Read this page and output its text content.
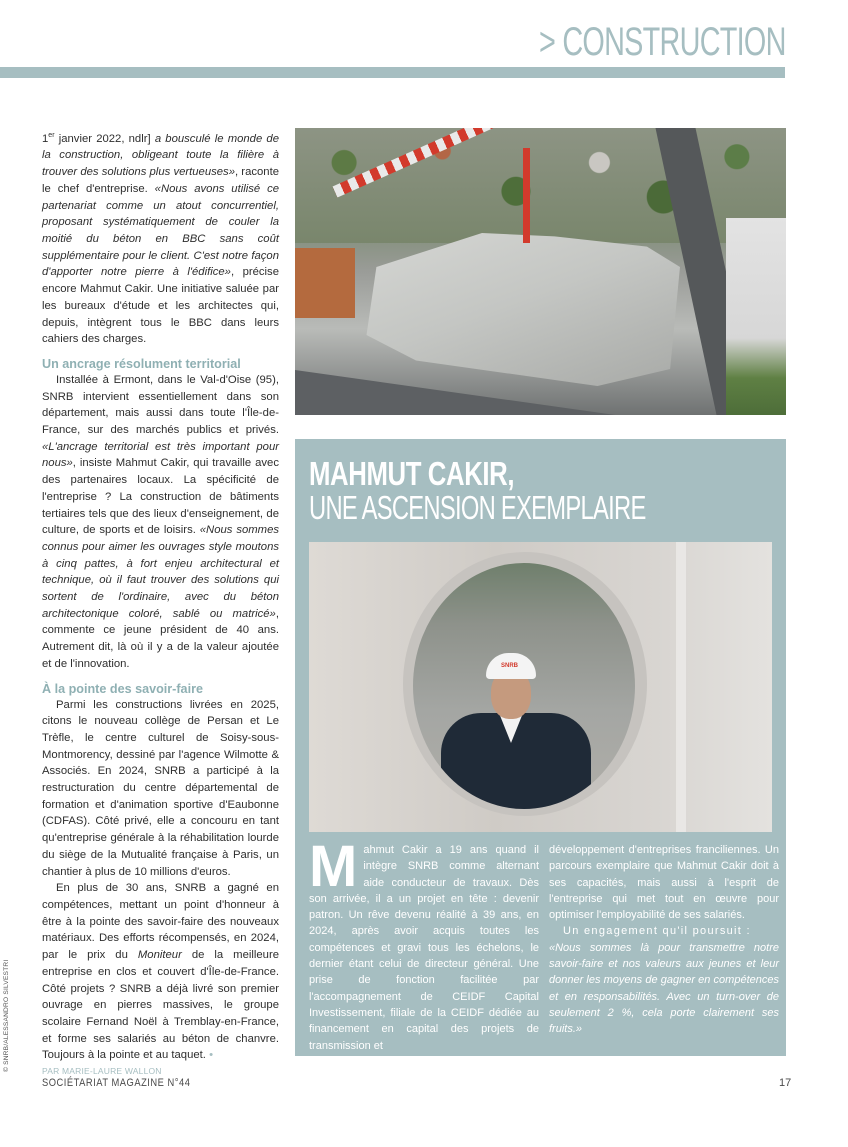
> CONSTRUCTION

1er janvier 2022, ndlr] a bousculé le monde de la construction, obligeant toute la filière à trouver des solutions plus vertueuses», raconte le chef d'entreprise. «Nous avons utilisé ce partenariat comme un atout concurrentiel, proposant systématiquement de couler la moitié du béton en BBC sans coût supplémentaire pour le client. C'est notre façon d'apporter notre pierre à l'édifice», précise encore Mahmut Cakir. Une initiative saluée par les bureaux d'étude et les architectes qui, depuis, intègrent tous le BBC dans leurs cahiers des charges.

Un ancrage résolument territorial

Installée à Ermont, dans le Val-d'Oise (95), SNRB intervient essentiellement dans son département, mais aussi dans toute l'Île-de-France, sur des marchés publics et privés. «L'ancrage territorial est très important pour nous», insiste Mahmut Cakir, qui travaille avec des partenaires locaux. La spécificité de l'entreprise ? La construction de bâtiments tertiaires tels que des lieux d'enseignement, de culture, de sports et de loisirs. «Nous sommes connus pour aimer les ouvrages style moutons à cinq pattes, à fort enjeu architectural et technique, où il faut trouver des solutions qui sortent de l'ordinaire, avec du béton architectonique coloré, sablé ou matricé», commente ce jeune président de 40 ans. Autrement dit, là où il y a de la valeur ajoutée et de l'innovation.

À la pointe des savoir-faire

Parmi les constructions livrées en 2025, citons le nouveau collège de Persan et Le Trèfle, le centre culturel de Soisy-sous-Montmorency, dessiné par l'agence Wilmotte & Associés. En 2024, SNRB a participé à la restructuration du centre départemental de formation et d'animation sportive d'Eaubonne (CDFAS). Côté privé, elle a concouru en tant qu'entreprise générale à la réhabilitation lourde du siège de la Mutualité française à Paris, un chantier à plus de 10 millions d'euros.

En plus de 30 ans, SNRB a gagné en compétences, mettant un point d'honneur à être à la pointe des savoir-faire des nouveaux matériaux. Des efforts récompensés, en 2024, par le prix du Moniteur de la meilleure entreprise en clos et couvert d'Île-de-France. Côté projets ? SNRB a déjà livré son premier ouvrage en pierres massives, le groupe scolaire Fernand Noël à Tremblay-en-France, et forme ses salariés au béton de chanvre. Toujours à la pointe et au taquet. •

PAR MARIE-LAURE WALLON
© SNRB/ALESSANDRO SILVESTRI
MAHMUT CAKIR,
UNE ASCENSION EXEMPLAIRE
SNRB

Mahmut Cakir a 19 ans quand il intègre SNRB comme alternant aide conducteur de travaux. Dès son arrivée, il a un projet en tête : devenir patron. Un rêve devenu réalité à 39 ans, en 2024, après avoir acquis toutes les compétences et gravi tous les échelons, le dernier étant celui de directeur général. Une prise de fonction facilitée par l'accompagnement de CEIDF Capital Investissement, filiale de la CEIDF dédiée au financement en capital des projets de transmission et

développement d'entreprises franciliennes. Un parcours exemplaire que Mahmut Cakir doit à ses capacités, mais aussi à l'esprit de l'entreprise qui met tout en œuvre pour optimiser l'employabilité de ses salariés.

Un engagement qu'il poursuit :

«Nous sommes là pour transmettre notre savoir-faire et nos valeurs aux jeunes et leur donner les moyens de gagner en compétences et en responsabilités. Avec un turn-over de seulement 2 %, cela porte clairement ses fruits.»

SOCIÉTARIAT MAGAZINE N°44	17
